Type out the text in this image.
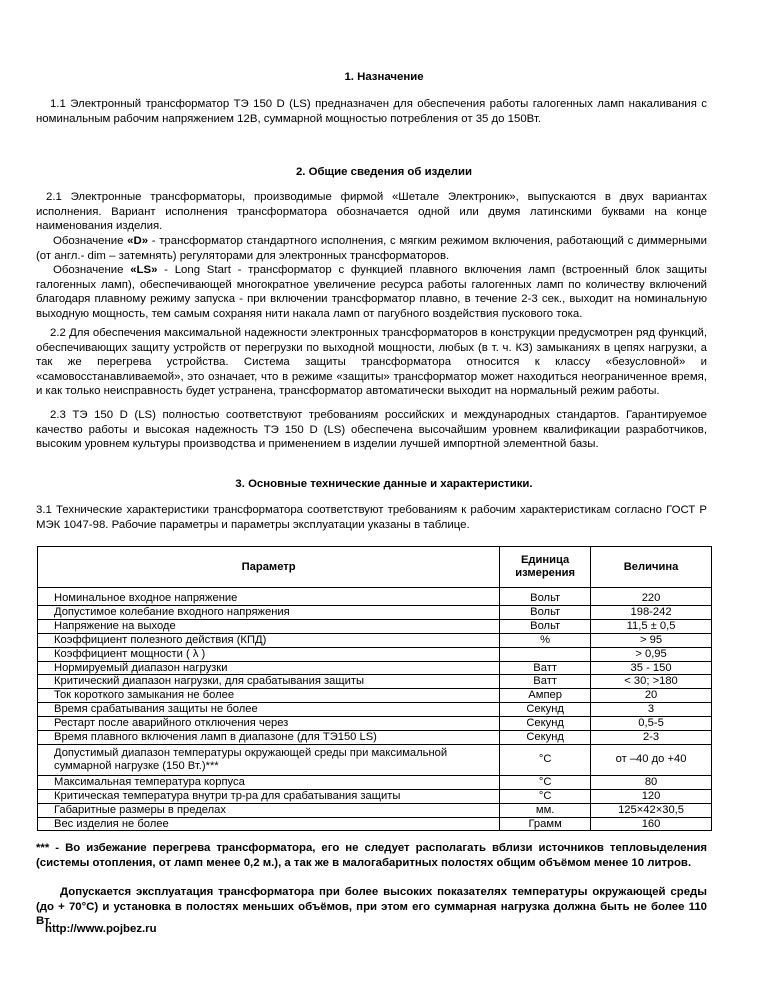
1. Назначение
1.1 Электронный трансформатор ТЭ 150 D (LS) предназначен для обеспечения работы галогенных ламп накаливания с номинальным рабочим напряжением 12В, суммарной мощностью потребления от 35 до 150Вт.
2. Общие сведения об изделии
2.1 Электронные трансформаторы, производимые фирмой «Шетале Электроник», выпускаются в двух вариантах исполнения. Вариант исполнения трансформатора обозначается одной или двумя латинскими буквами на конце наименования изделия.
Обозначение «D» - трансформатор стандартного исполнения, с мягким режимом включения, работающий с диммерными (от англ.- dim – затемнять) регуляторами для электронных трансформаторов.
Обозначение «LS» - Long Start - трансформатор с функцией плавного включения ламп (встроенный блок защиты галогенных ламп), обеспечивающей многократное увеличение ресурса работы галогенных ламп по количеству включений благодаря плавному режиму запуска - при включении трансформатор плавно, в течение 2-3 сек., выходит на номинальную выходную мощность, тем самым сохраняя нити накала ламп от пагубного воздействия пускового тока.
2.2 Для обеспечения максимальной надежности электронных трансформаторов в конструкции предусмотрен ряд функций, обеспечивающих защиту устройств от перегрузки по выходной мощности, любых (в т. ч. КЗ) замыканиях в цепях нагрузки, а так же перегрева устройства. Система защиты трансформатора относится к классу «безусловной» и «самовосстанавливаемой», это означает, что в режиме «защиты» трансформатор может находиться неограниченное время, и как только неисправность будет устранена, трансформатор автоматически выходит на нормальный режим работы.
2.3 ТЭ 150 D (LS) полностью соответствуют требованиям российских и международных стандартов. Гарантируемое качество работы и высокая надежность ТЭ 150 D (LS) обеспечена высочайшим уровнем квалификации разработчиков, высоким уровнем культуры производства и применением в изделии лучшей импортной элементной базы.
3. Основные технические данные и характеристики.
3.1 Технические характеристики трансформатора соответствуют требованиям к рабочим характеристикам согласно ГОСТ Р МЭК 1047-98. Рабочие параметры и параметры эксплуатации указаны в таблице.
Параметр	Единица измерения	Величина
Номинальное входное напряжение	Вольт	220
Допустимое колебание входного напряжения	Вольт	198-242
Напряжение на выходе	Вольт	11,5 ± 0,5
Коэффициент полезного действия (КПД)	%	> 95
Коэффициент мощности ( λ )		> 0,95
Нормируемый диапазон нагрузки	Ватт	35 - 150
Критический диапазон нагрузки, для срабатывания защиты	Ватт	< 30; >180
Ток короткого замыкания не более	Ампер	20
Время срабатывания защиты не более	Секунд	3
Рестарт после аварийного отключения через	Секунд	0,5-5
Время плавного включения ламп в диапазоне (для ТЭ150 LS)	Секунд	2-3
Допустимый диапазон температуры окружающей среды при максимальной суммарной нагрузке (150 Вт.)***	°C	от –40 до +40
Максимальная температура корпуса	°C	80
Критическая температура внутри тр-ра для срабатывания защиты	°C	120
Габаритные размеры в пределах	мм.	125×42×30,5
Вес изделия не более	Грамм	160
*** - Во избежание перегрева трансформатора, его не следует располагать вблизи источников тепловыделения (системы отопления, от ламп менее 0,2 м.), а так же в малогабаритных полостях общим объёмом менее 10 литров.
Допускается эксплуатация трансформатора при более высоких показателях температуры окружающей среды (до + 70°С) и установка в полостях меньших объёмов, при этом его суммарная нагрузка должна быть не более 110 Вт.
http://www.pojbez.ru
